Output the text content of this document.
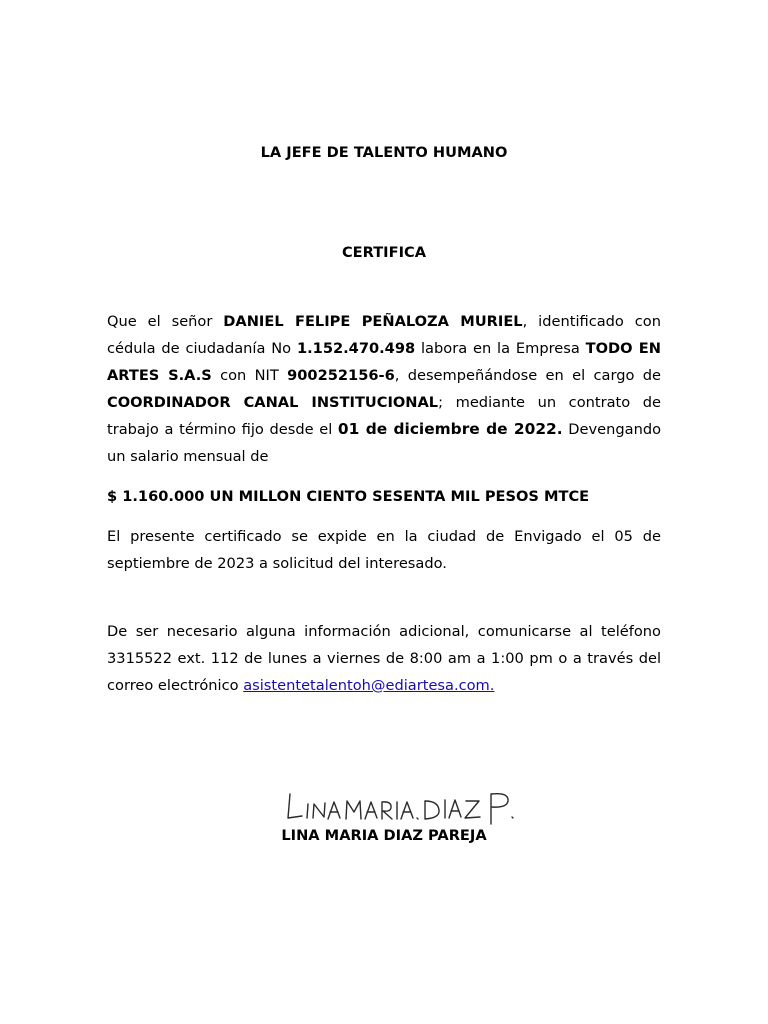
LA JEFE DE TALENTO HUMANO

CERTIFICA

Que el señor DANIEL FELIPE PEÑALOZA MURIEL, identificado con cédula de ciudadanía No 1.152.470.498 labora en la Empresa TODO EN ARTES S.A.S con NIT 900252156-6, desempeñándose en el cargo de COORDINADOR CANAL INSTITUCIONAL; mediante un contrato de trabajo a término fijo desde el 01 de diciembre de 2022. Devengando un salario mensual de

$ 1.160.000 UN MILLON CIENTO SESENTA MIL PESOS MTCE

El presente certificado se expide en la ciudad de Envigado el 05 de septiembre de 2023 a solicitud del interesado.

De ser necesario alguna información adicional, comunicarse al teléfono 3315522 ext. 112 de lunes a viernes de 8:00 am a 1:00 pm o a través del correo electrónico asistentetalentoh@ediartesa.com.

LINA MARIA DIAZ PAREJA
